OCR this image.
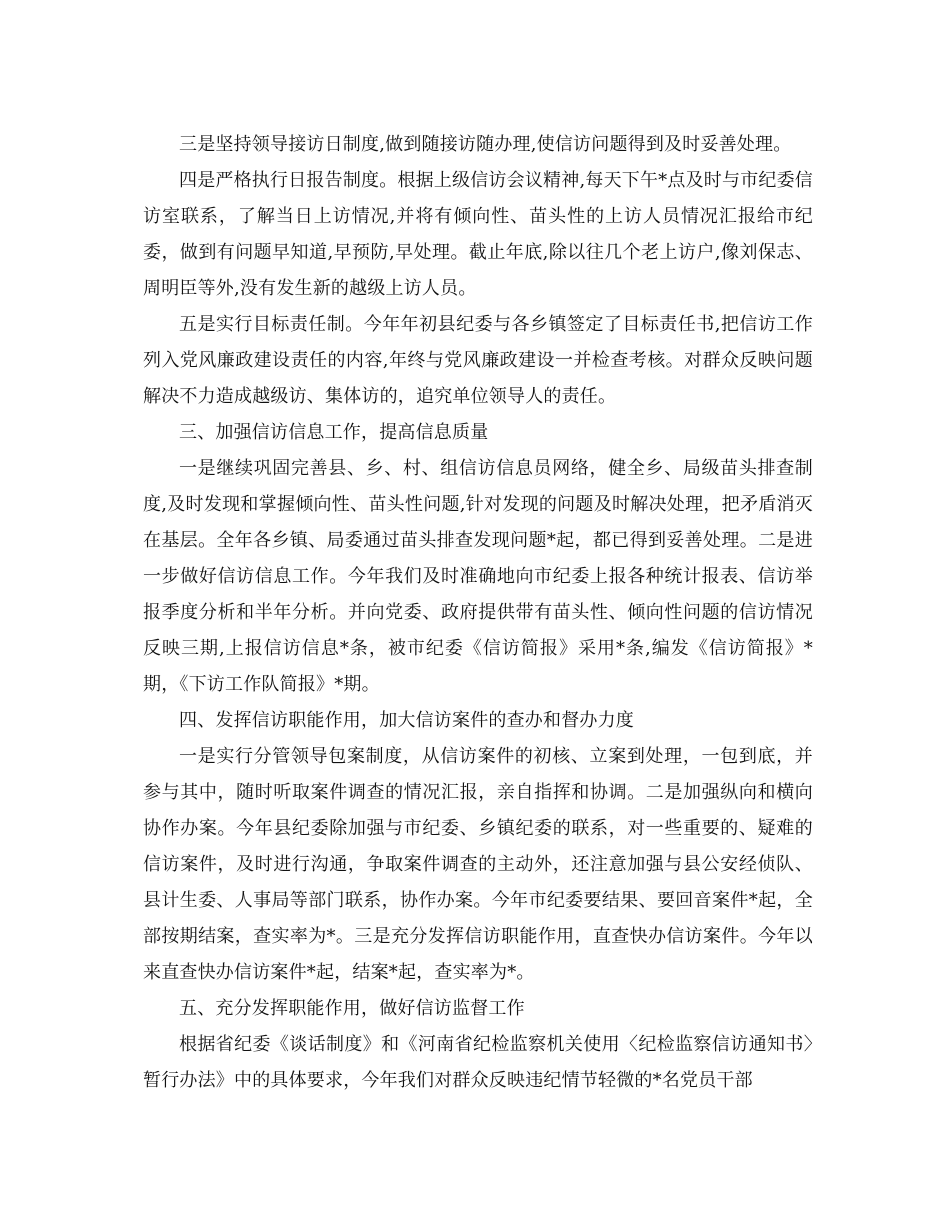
三是坚持领导接访日制度,做到随接访随办理,使信访问题得到及时妥善处理。

四是严格执行日报告制度。根据上级信访会议精神,每天下午*点及时与市纪委信访室联系，了解当日上访情况,并将有倾向性、苗头性的上访人员情况汇报给市纪委，做到有问题早知道,早预防,早处理。截止年底,除以往几个老上访户,像刘保志、周明臣等外,没有发生新的越级上访人员。

五是实行目标责任制。今年年初县纪委与各乡镇签定了目标责任书,把信访工作列入党风廉政建设责任的内容,年终与党风廉政建设一并检查考核。对群众反映问题解决不力造成越级访、集体访的，追究单位领导人的责任。

三、加强信访信息工作，提高信息质量

一是继续巩固完善县、乡、村、组信访信息员网络，健全乡、局级苗头排查制度,及时发现和掌握倾向性、苗头性问题,针对发现的问题及时解决处理，把矛盾消灭在基层。全年各乡镇、局委通过苗头排查发现问题*起，都已得到妥善处理。二是进一步做好信访信息工作。今年我们及时准确地向市纪委上报各种统计报表、信访举报季度分析和半年分析。并向党委、政府提供带有苗头性、倾向性问题的信访情况反映三期,上报信访信息*条，被市纪委《信访简报》采用*条,编发《信访简报》*期，《下访工作队简报》*期。

四、发挥信访职能作用，加大信访案件的查办和督办力度

一是实行分管领导包案制度，从信访案件的初核、立案到处理，一包到底，并参与其中，随时听取案件调查的情况汇报，亲自指挥和协调。二是加强纵向和横向协作办案。今年县纪委除加强与市纪委、乡镇纪委的联系，对一些重要的、疑难的信访案件，及时进行沟通，争取案件调查的主动外，还注意加强与县公安经侦队、县计生委、人事局等部门联系，协作办案。今年市纪委要结果、要回音案件*起，全部按期结案，查实率为*。三是充分发挥信访职能作用，直查快办信访案件。今年以来直查快办信访案件*起，结案*起，查实率为*。

五、充分发挥职能作用，做好信访监督工作

根据省纪委《谈话制度》和《河南省纪检监察机关使用〈纪检监察信访通知书〉暂行办法》中的具体要求，今年我们对群众反映违纪情节轻微的*名党员干部
